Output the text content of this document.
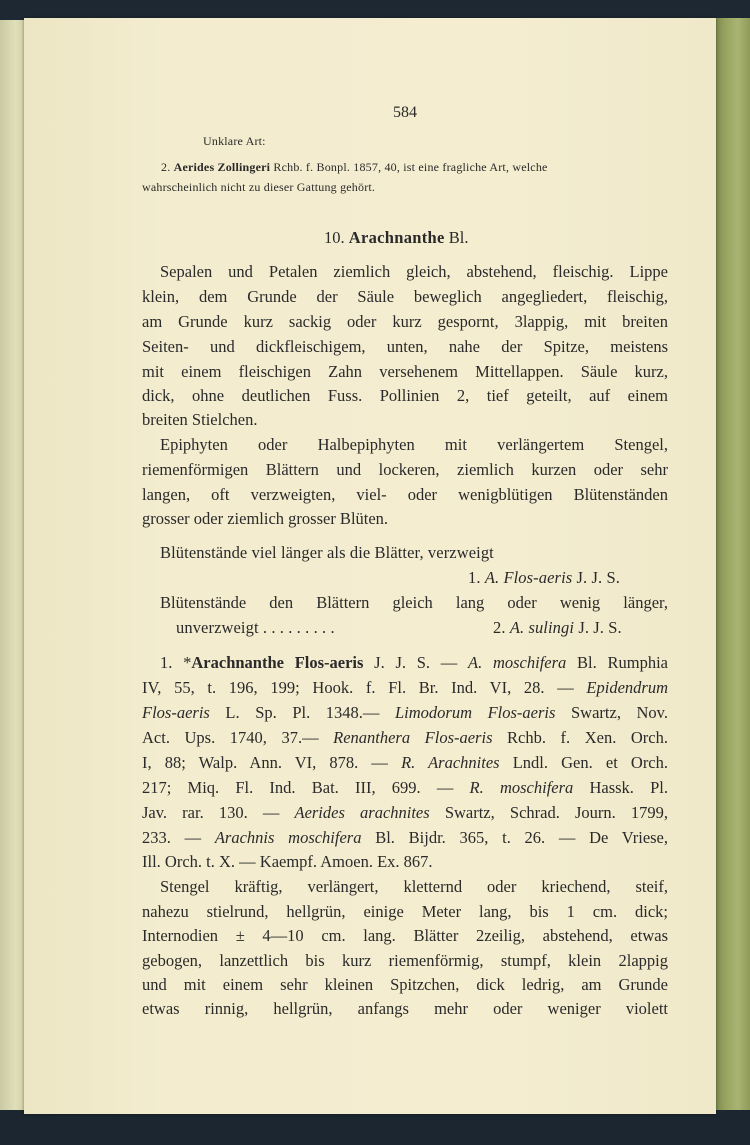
584
Unklare Art:
2. Aerides Zollingeri Rchb. f. Bonpl. 1857, 40, ist eine fragliche Art, welche
wahrscheinlich nicht zu dieser Gattung gehört.
10. Arachnanthe Bl.
Sepalen und Petalen ziemlich gleich, abstehend, fleischig. Lippe
klein, dem Grunde der Säule beweglich angegliedert, fleischig,
am Grunde kurz sackig oder kurz gespornt, 3lappig, mit breiten
Seiten- und dickfleischigem, unten, nahe der Spitze, meistens
mit einem fleischigen Zahn versehenem Mittellappen. Säule kurz,
dick, ohne deutlichen Fuss. Pollinien 2, tief geteilt, auf einem
breiten Stielchen.
Epiphyten oder Halbepiphyten mit verlängertem Stengel,
riemenförmigen Blättern und lockeren, ziemlich kurzen oder sehr
langen, oft verzweigten, viel- oder wenigblütigen Blütenständen
grosser oder ziemlich grosser Blüten.
Blütenstände viel länger als die Blätter, verzweigt
1. A. Flos-aeris J. J. S.
Blütenstände den Blättern gleich lang oder wenig länger,
unverzweigt . . . . . . . . .	2. A. sulingi J. J. S.
1. *Arachnanthe Flos-aeris J. J. S. — A. moschifera Bl. Rumphia
IV, 55, t. 196, 199; Hook. f. Fl. Br. Ind. VI, 28. — Epidendrum
Flos-aeris L. Sp. Pl. 1348.— Limodorum Flos-aeris Swartz, Nov.
Act. Ups. 1740, 37.— Renanthera Flos-aeris Rchb. f. Xen. Orch.
I, 88; Walp. Ann. VI, 878. — R. Arachnites Lndl. Gen. et Orch.
217; Miq. Fl. Ind. Bat. III, 699. — R. moschifera Hassk. Pl.
Jav. rar. 130. — Aerides arachnites Swartz, Schrad. Journ. 1799,
233. — Arachnis moschifera Bl. Bijdr. 365, t. 26. — De Vriese,
Ill. Orch. t. X. — Kaempf. Amoen. Ex. 867.
Stengel kräftig, verlängert, kletternd oder kriechend, steif,
nahezu stielrund, hellgrün, einige Meter lang, bis 1 cm. dick;
Internodien ± 4—10 cm. lang. Blätter 2zeilig, abstehend, etwas
gebogen, lanzettlich bis kurz riemenförmig, stumpf, klein 2lappig
und mit einem sehr kleinen Spitzchen, dick ledrig, am Grunde
etwas rinnig, hellgrün, anfangs mehr oder weniger violett
